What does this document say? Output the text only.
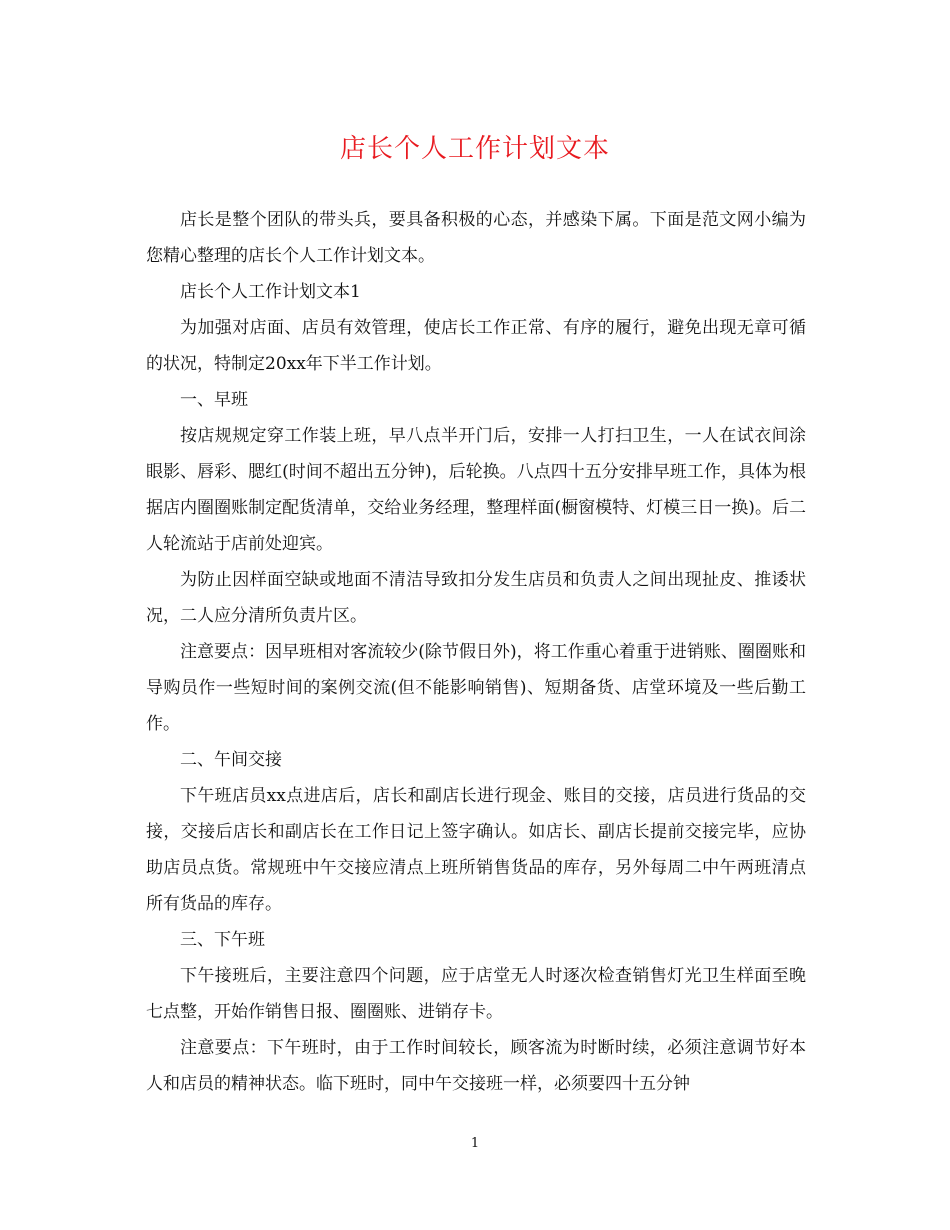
店长个人工作计划文本

店长是整个团队的带头兵，要具备积极的心态，并感染下属。下面是范文网小编为您精心整理的店长个人工作计划文本。

店长个人工作计划文本1

为加强对店面、店员有效管理，使店长工作正常、有序的履行，避免出现无章可循的状况，特制定20xx年下半工作计划。

一、早班

按店规规定穿工作装上班，早八点半开门后，安排一人打扫卫生，一人在试衣间涂眼影、唇彩、腮红(时间不超出五分钟)，后轮换。八点四十五分安排早班工作，具体为根据店内圈圈账制定配货清单，交给业务经理，整理样面(橱窗模特、灯模三日一换)。后二人轮流站于店前处迎宾。

为防止因样面空缺或地面不清洁导致扣分发生店员和负责人之间出现扯皮、推诿状况，二人应分清所负责片区。

注意要点：因早班相对客流较少(除节假日外)，将工作重心着重于进销账、圈圈账和导购员作一些短时间的案例交流(但不能影响销售)、短期备货、店堂环境及一些后勤工作。

二、午间交接

下午班店员xx点进店后，店长和副店长进行现金、账目的交接，店员进行货品的交接，交接后店长和副店长在工作日记上签字确认。如店长、副店长提前交接完毕，应协助店员点货。常规班中午交接应清点上班所销售货品的库存，另外每周二中午两班清点所有货品的库存。

三、下午班

下午接班后，主要注意四个问题，应于店堂无人时逐次检查销售灯光卫生样面至晚七点整，开始作销售日报、圈圈账、进销存卡。

注意要点：下午班时，由于工作时间较长，顾客流为时断时续，必须注意调节好本人和店员的精神状态。临下班时，同中午交接班一样，必须要四十五分钟

1
